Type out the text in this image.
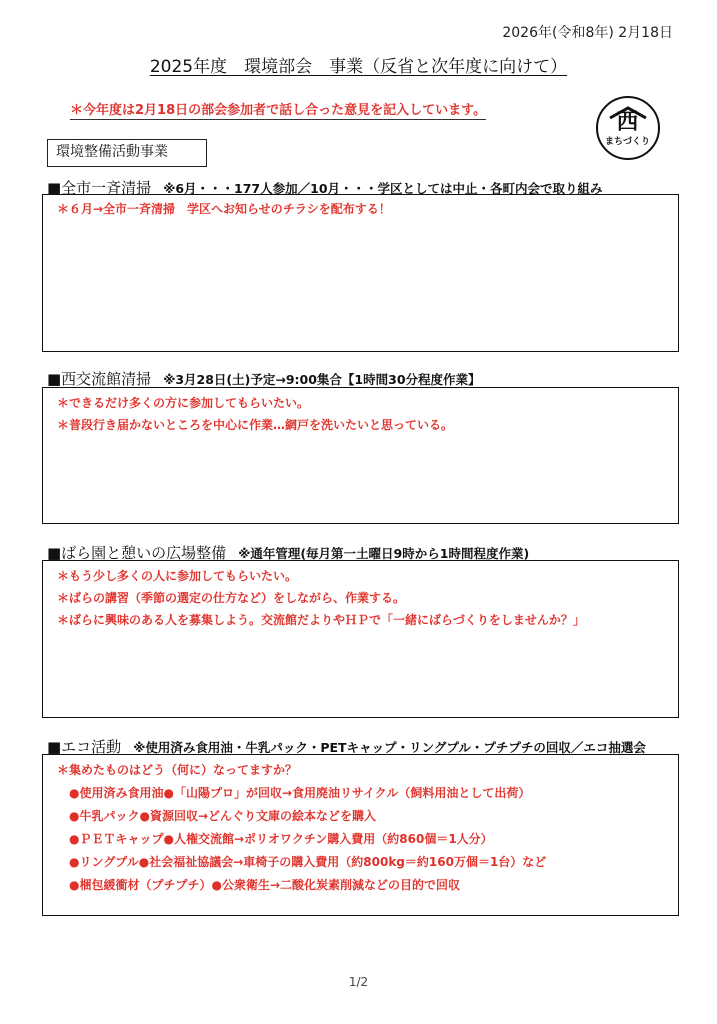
2026年(令和8年) 2月18日
2025年度　環境部会　事業（反省と次年度に向けて）
＊今年度は2月18日の部会参加者で話し合った意見を記入しています。	西
まちづくり
環境整備活動事業
■全市一斉清掃 ※6月・・・177人参加／10月・・・学区としては中止・各町内会で取り組み
＊６月→全市一斉清掃　学区へお知らせのチラシを配布する！
■西交流館清掃 ※3月28日(土)予定→9:00集合【1時間30分程度作業】
＊できるだけ多くの方に参加してもらいたい。
＊普段行き届かないところを中心に作業…網戸を洗いたいと思っている。
■ばら園と憩いの広場整備 ※通年管理(毎月第一土曜日9時から1時間程度作業)
＊もう少し多くの人に参加してもらいたい。
＊ばらの講習（季節の選定の仕方など）をしながら、作業する。
＊ばらに興味のある人を募集しよう。交流館だよりやＨＰで「一緒にばらづくりをしませんか？」
■エコ活動 ※使用済み食用油・牛乳パック・PETキャップ・リングプル・プチプチの回収／エコ抽選会
＊集めたものはどう（何に）なってますか？
●使用済み食用油●「山陽プロ」が回収→食用廃油リサイクル（飼料用油として出荷）
●牛乳パック●資源回収→どんぐり文庫の絵本などを購入
●ＰＥＴキャップ●人権交流館→ポリオワクチン購入費用（約860個＝1人分）
●リングプル●社会福祉協議会→車椅子の購入費用（約800kg＝約160万個＝1台）など
●梱包緩衝材（プチプチ）●公衆衛生→二酸化炭素削減などの目的で回収
1/2
